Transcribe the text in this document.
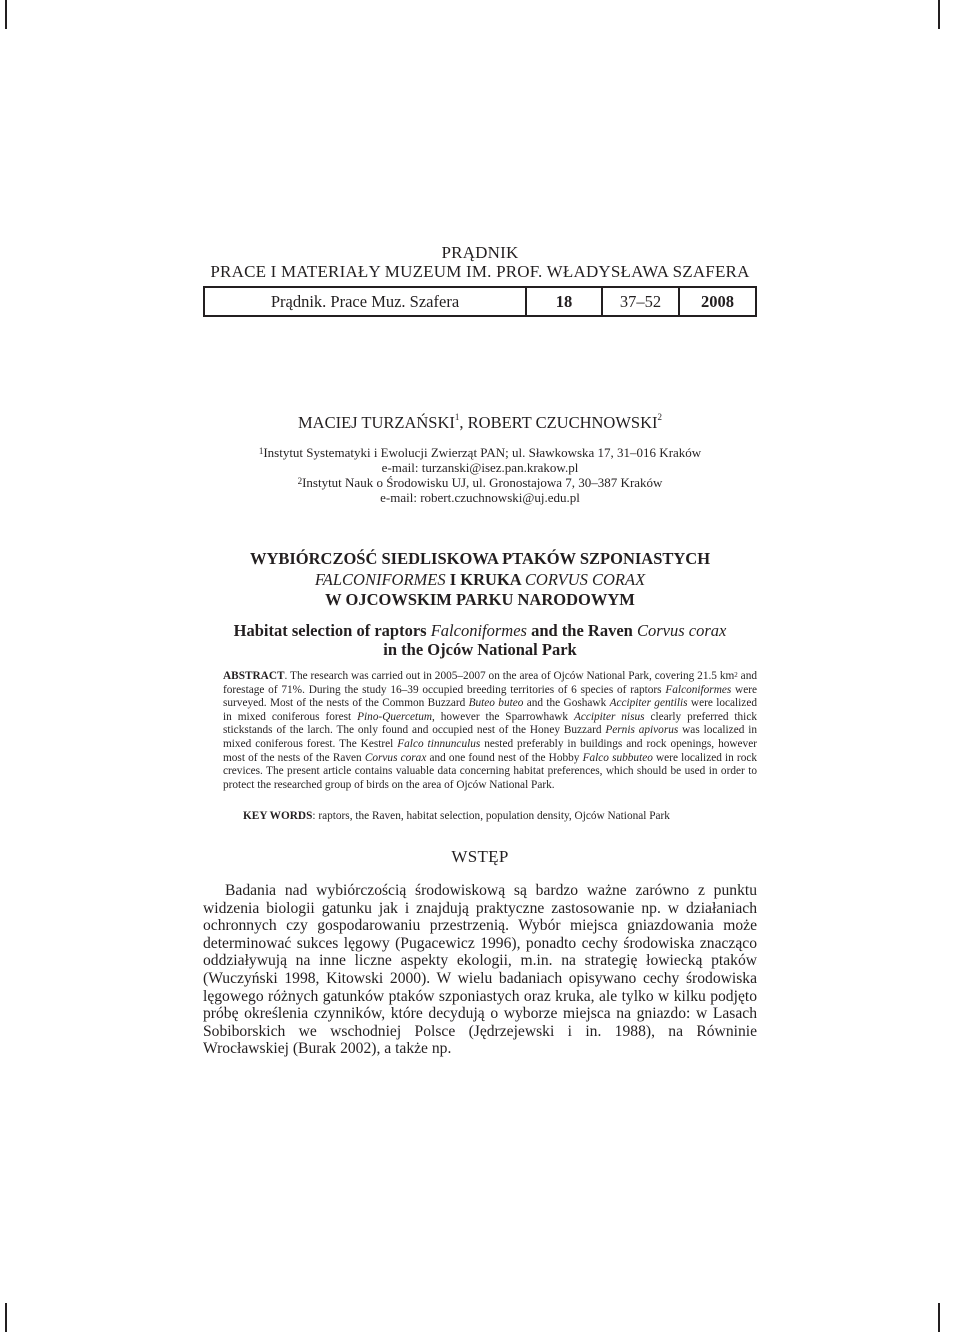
PRĄDNIK
PRACE I MATERIAŁY MUZEUM IM. PROF. WŁADYSŁAWA SZAFERA
Prądnik. Prace Muz. Szafera	18	37–52	2008
MACIEJ TURZAŃSKI$^1$, ROBERT CZUCHNOWSKI$^2$
$^1$Instytut Systematyki i Ewolucji Zwierząt PAN; ul. Sławkowska 17, 31–016 Kraków
e-mail: turzanski@isez.pan.krakow.pl
$^2$Instytut Nauk o Środowisku UJ, ul. Gronostajowa 7, 30–387 Kraków
e-mail: robert.czuchnowski@uj.edu.pl
WYBIÓRCZOŚĆ SIEDLISKOWA PTAKÓW SZPONIASTYCH
FALCONIFORMES I KRUKA CORVUS CORAX
W OJCOWSKIM PARKU NARODOWYM
Habitat selection of raptors Falconiformes and the Raven Corvus corax
in the Ojców National Park
ABSTRACT. The research was carried out in 2005–2007 on the area of Ojców National Park, covering 21.5 $km^2$ and forestage of 71%. During the study 16–39 occupied breeding territories of 6 species of raptors Falconiformes were surveyed. Most of the nests of the Common Buzzard Buteo buteo and the Goshawk Accipiter gentilis were localized in mixed coniferous forest Pino-Quercetum, however the Sparrowhawk Accipiter nisus clearly preferred thick stickstands of the larch. The only found and occupied nest of the Honey Buzzard Pernis apivorus was localized in mixed coniferous forest. The Kestrel Falco tinnunculus nested preferably in buildings and rock openings, however most of the nests of the Raven Corvus corax and one found nest of the Hobby Falco subbuteo were localized in rock crevices. The present article contains valuable data concerning habitat preferences, which should be used in order to protect the researched group of birds on the area of Ojców National Park.
KEY WORDS: raptors, the Raven, habitat selection, population density, Ojców National Park
WSTĘP
Badania nad wybiórczością środowiskową są bardzo ważne zarówno z punktu widzenia biologii gatunku jak i znajdują praktyczne zastosowanie np. w działaniach ochronnych czy gospodarowaniu przestrzenią. Wybór miejsca gniazdowania może determinować sukces lęgowy (Pugacewicz 1996), ponadto cechy środowiska znacząco oddziaływują na inne liczne aspekty ekologii, m.in. na strategię łowiecką ptaków (Wuczyński 1998, Kitowski 2000). W wielu badaniach opisywano cechy środowiska lęgowego różnych gatunków ptaków szponiastych oraz kruka, ale tylko w kilku podjęto próbę określenia czynników, które decydują o wyborze miejsca na gniazdo: w Lasach Sobiborskich we wschodniej Polsce (Jędrzejewski i in. 1988), na Równinie Wrocławskiej (Burak 2002), a także np.
